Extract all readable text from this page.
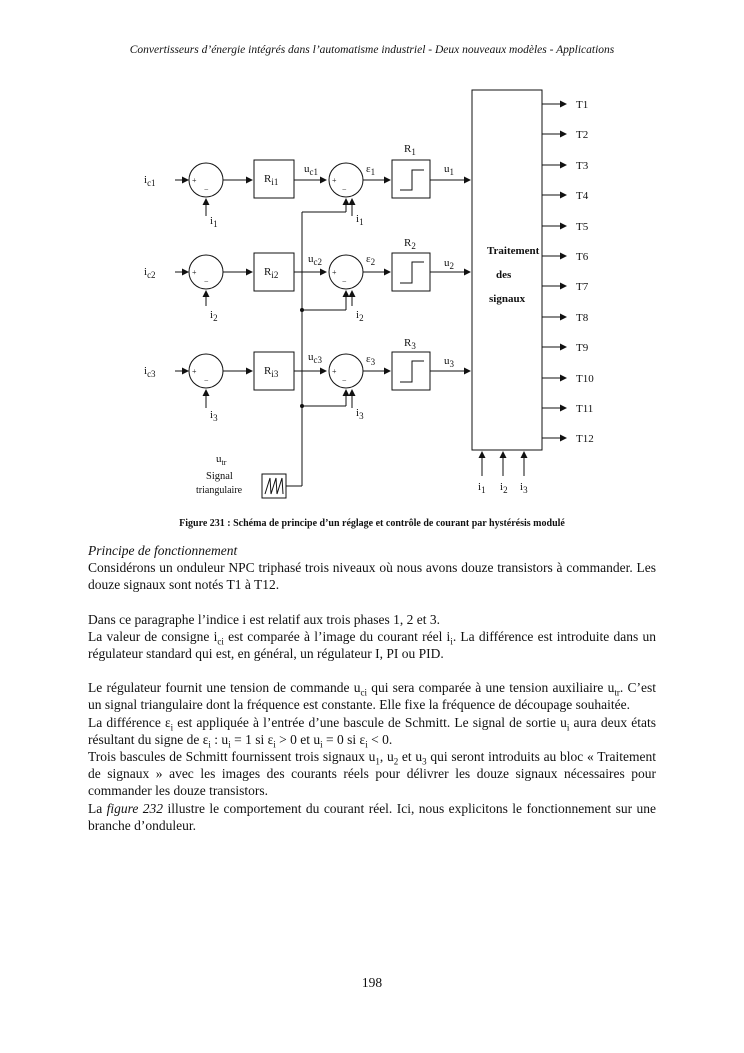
Convertisseurs d’énergie intégrés dans l’automatisme industriel - Deux nouveaux modèles - Applications
Traitement
des
signaux
T1
T2
T3
T4
T5
T6
T7
T8
T9
T10
T11
T12
$i_{c1}$
$i_{c2}$
$i_{c3}$
$i_1$
$i_2$
$i_3$
$i_1$
$i_2$
$i_3$
$R_{i1}$
$R_{i2}$
$R_{i3}$
$u_{c1}$
$u_{c2}$
$u_{c3}$
$\varepsilon_1$
$\varepsilon_2$
$\varepsilon_3$
$R_1$
$R_2$
$R_3$
$u_1$
$u_2$
$u_3$
$i_1$ $i_2$ $i_3$
$u_{tr}$
Signal
triangulaire
+
−
+
−
+
−
+
−
+
−
+
−
Figure 231 : Schéma de principe d’un réglage et contrôle de courant par hystérésis modulé

Principe de fonctionnement

Considérons un onduleur NPC triphasé trois niveaux où nous avons douze transistors à commander. Les douze signaux sont notés T1 à T12.

Dans ce paragraphe l’indice i est relatif aux trois phases 1, 2 et 3.

La valeur de consigne $i_{ci}$ est comparée à l’image du courant réel $i_i$. La différence est introduite dans un régulateur standard qui est, en général, un régulateur I, PI ou PID.

Le régulateur fournit une tension de commande $u_{ci}$ qui sera comparée à une tension auxiliaire $u_{tr}$. C’est un signal triangulaire dont la fréquence est constante. Elle fixe la fréquence de découpage souhaitée.

La différence $\varepsilon_i$ est appliquée à l’entrée d’une bascule de Schmitt. Le signal de sortie $u_i$ aura deux états résultant du signe de $\varepsilon_i$ : $u_i = 1$ si $\varepsilon_i > 0$ et $u_i = 0$ si $\varepsilon_i < 0$.

Trois bascules de Schmitt fournissent trois signaux $u_1$, $u_2$ et $u_3$ qui seront introduits au bloc « Traitement de signaux » avec les images des courants réels pour délivrer les douze signaux nécessaires pour commander les douze transistors.

La figure 232 illustre le comportement du courant réel. Ici, nous explicitons le fonctionnement sur une branche d’onduleur.

198
